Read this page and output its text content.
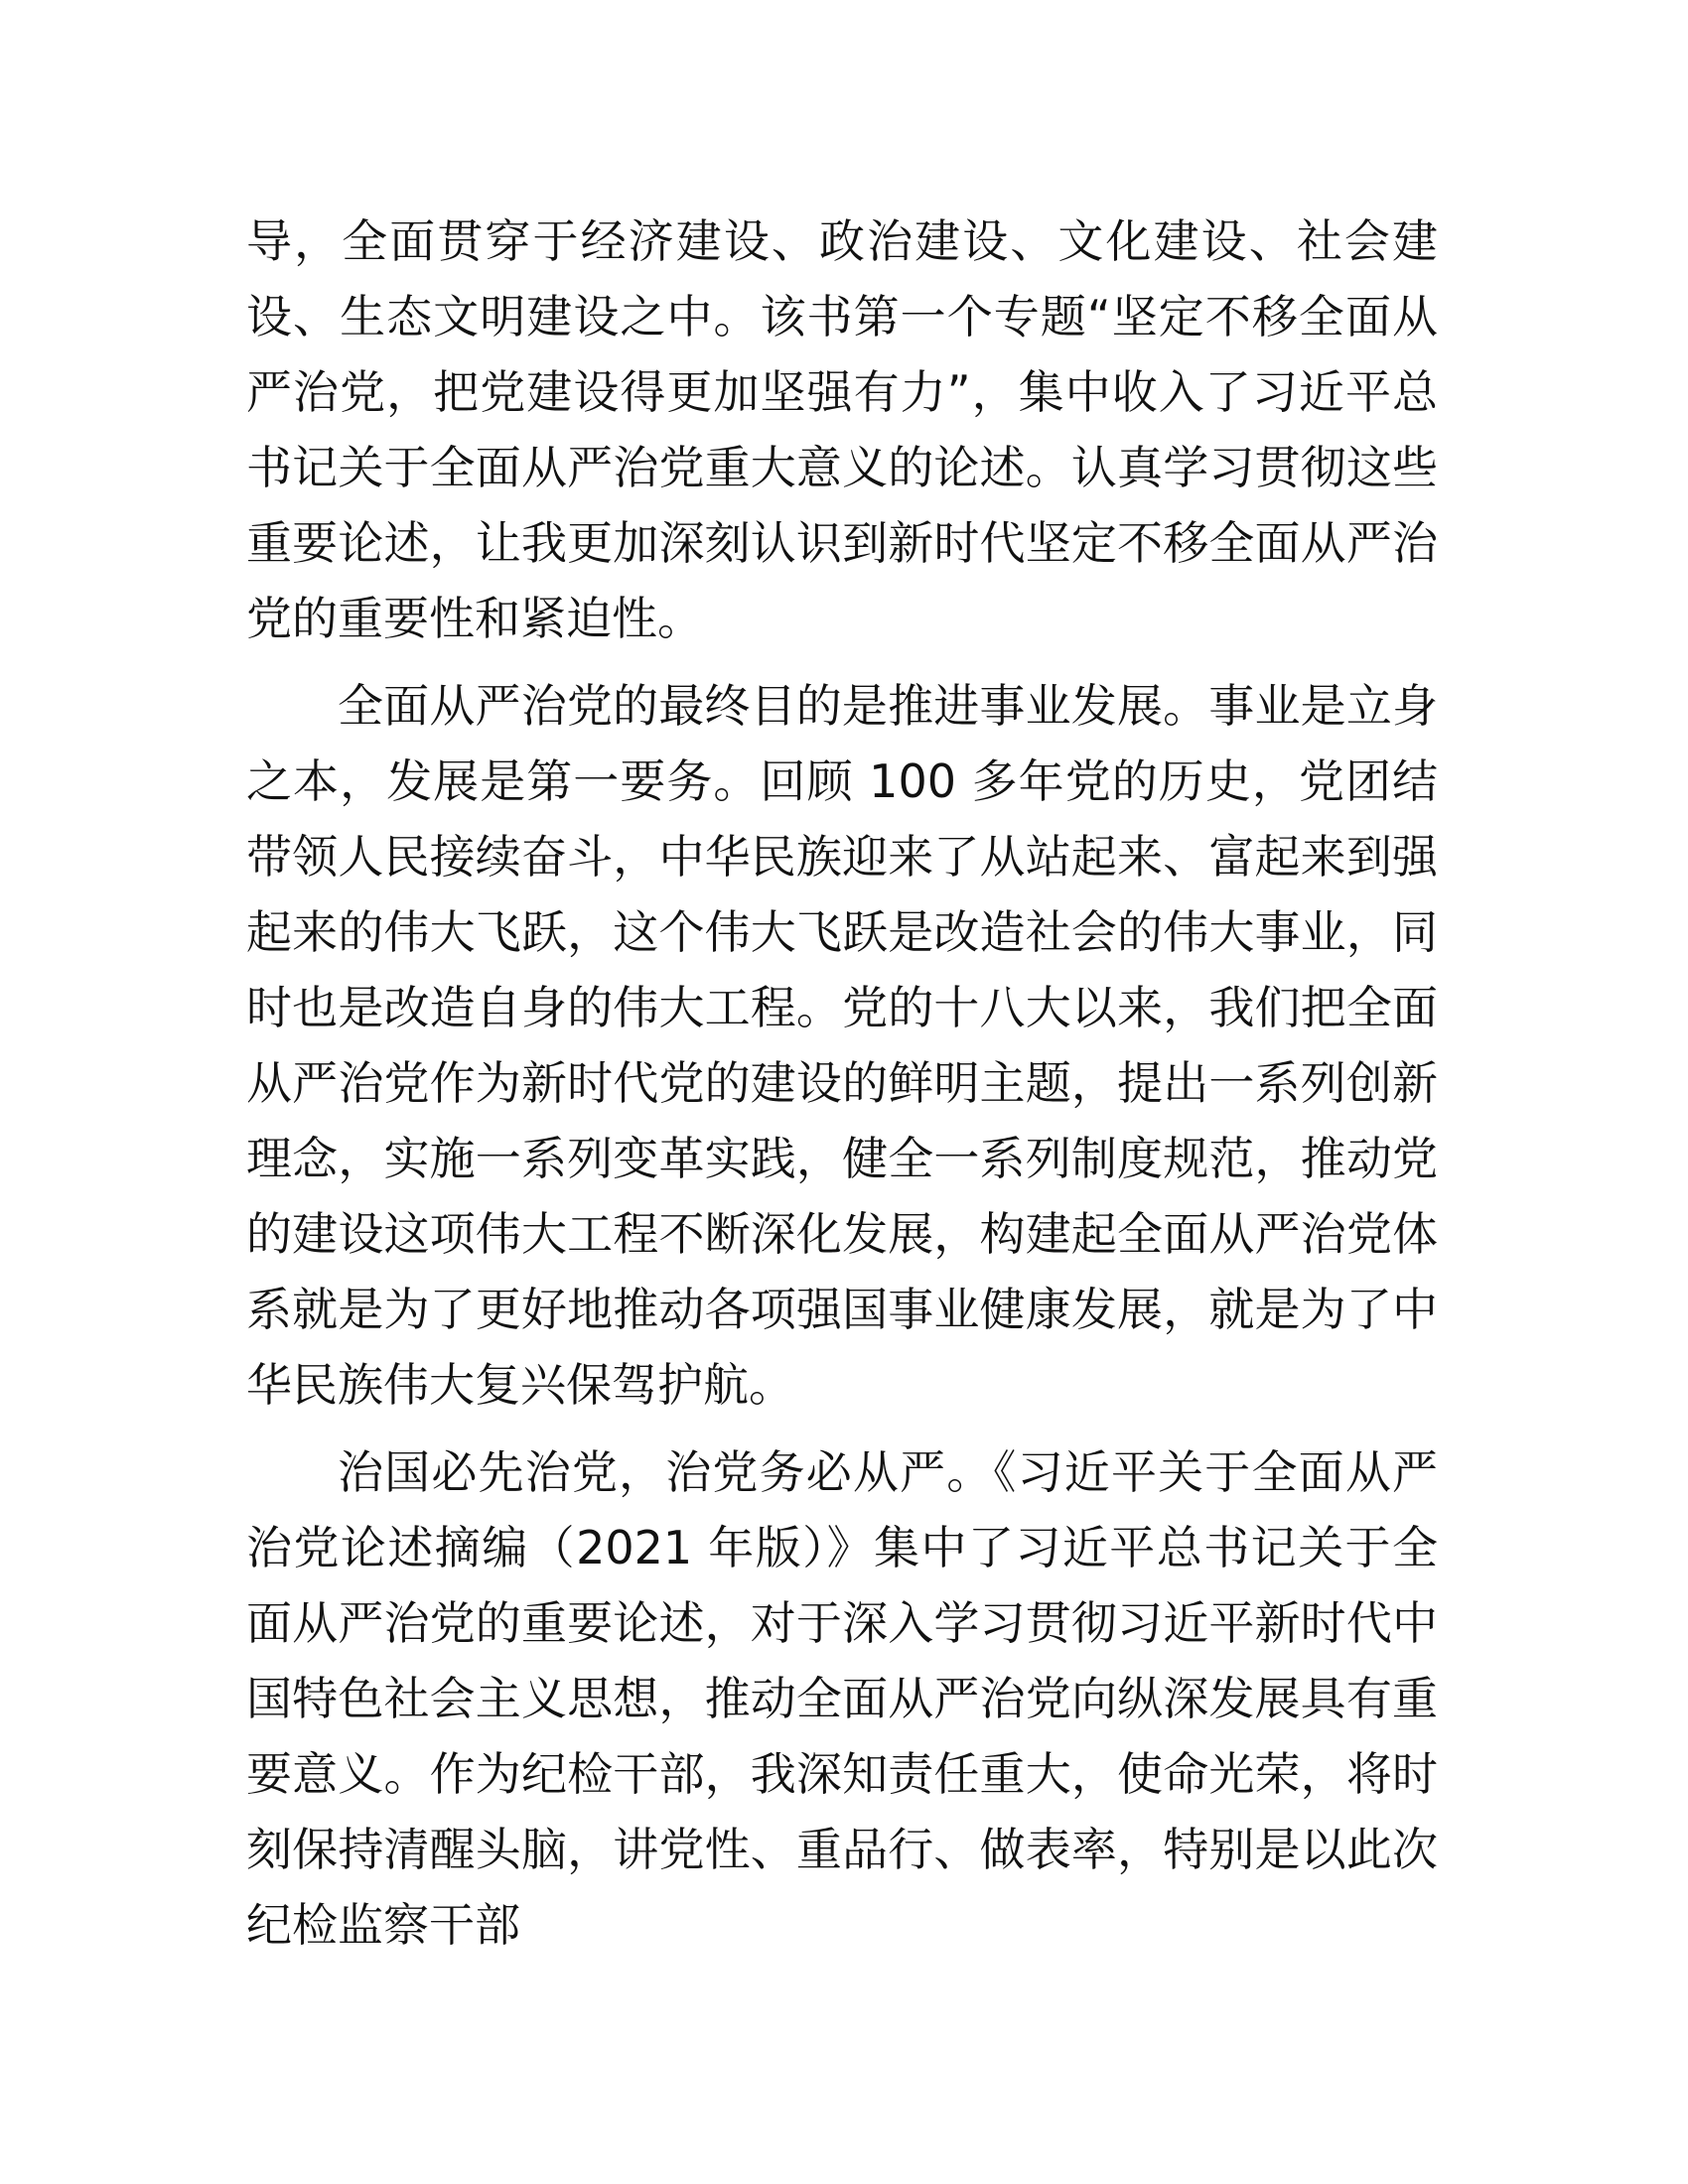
导，全面贯穿于经济建设、政治建设、文化建设、社会建设、生态文明建设之中。该书第一个专题“坚定不移全面从严治党，把党建设得更加坚强有力”，集中收入了习近平总书记关于全面从严治党重大意义的论述。认真学习贯彻这些重要论述，让我更加深刻认识到新时代坚定不移全面从严治党的重要性和紧迫性。

全面从严治党的最终目的是推进事业发展。事业是立身之本，发展是第一要务。回顾 100 多年党的历史，党团结带领人民接续奋斗，中华民族迎来了从站起来、富起来到强起来的伟大飞跃，这个伟大飞跃是改造社会的伟大事业，同时也是改造自身的伟大工程。党的十八大以来，我们把全面从严治党作为新时代党的建设的鲜明主题，提出一系列创新理念，实施一系列变革实践，健全一系列制度规范，推动党的建设这项伟大工程不断深化发展，构建起全面从严治党体系就是为了更好地推动各项强国事业健康发展，就是为了中华民族伟大复兴保驾护航。

治国必先治党，治党务必从严。《习近平关于全面从严治党论述摘编（2021 年版）》集中了习近平总书记关于全面从严治党的重要论述，对于深入学习贯彻习近平新时代中国特色社会主义思想，推动全面从严治党向纵深发展具有重要意义。作为纪检干部，我深知责任重大，使命光荣，将时刻保持清醒头脑，讲党性、重品行、做表率，特别是以此次纪检监察干部
